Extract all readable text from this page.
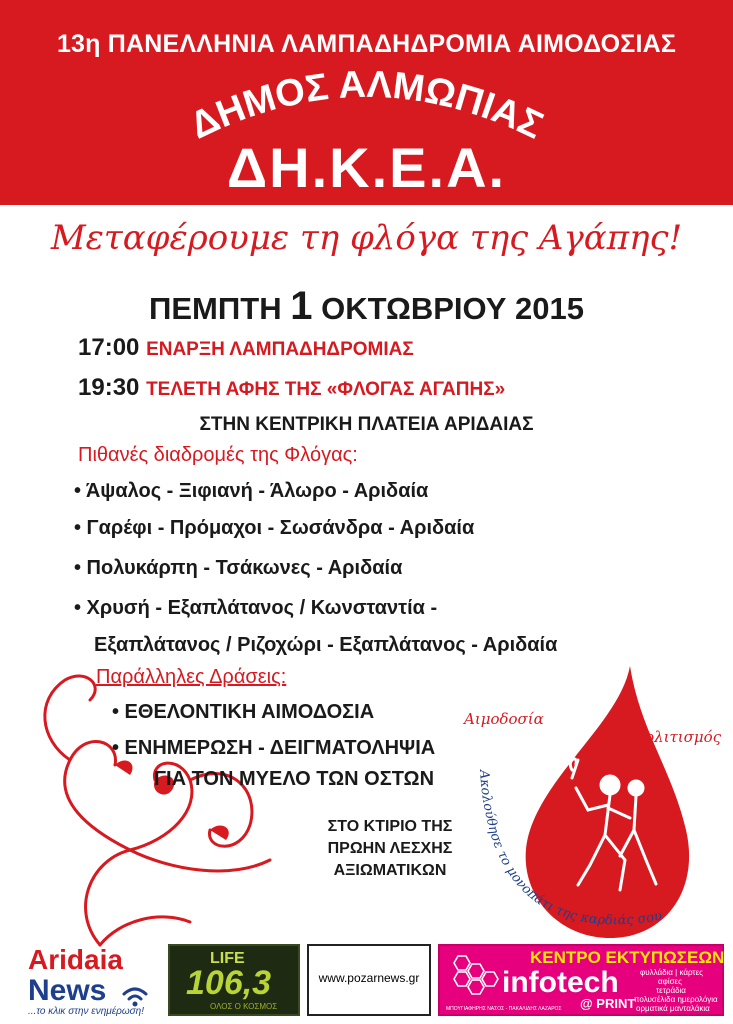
13η ΠΑΝΕΛΛΗΝΙΑ ΛΑΜΠΑΔΗΔΡΟΜΙΑ ΑΙΜΟΔΟΣΙΑΣ
ΔΗΜΟΣ ΑΛΜΩΠΙΑΣ
ΔΗ.Κ.Ε.Α.
Μεταφέρουμε τη φλόγα της Αγάπης!
ΠΕΜΠΤΗ 1 ΟΚΤΩΒΡΙΟΥ 2015
17:00 ΕΝΑΡΞΗ ΛΑΜΠΑΔΗΔΡΟΜΙΑΣ
19:30 ΤΕΛΕΤΗ ΑΦΗΣ ΤΗΣ «ΦΛΟΓΑΣ ΑΓΑΠΗΣ»
ΣΤΗΝ ΚΕΝΤΡΙΚΗ ΠΛΑΤΕΙΑ ΑΡΙΔΑΙΑΣ
Πιθανές διαδρομές της Φλόγας:
• Άψαλος - Ξιφιανή - Άλωρο - Αριδαία
• Γαρέφι - Πρόμαχοι - Σωσάνδρα - Αριδαία
• Πολυκάρπη - Τσάκωνες - Αριδαία
• Χρυσή - Εξαπλάτανος / Κωνσταντία -
Εξαπλάτανος / Ριζοχώρι - Εξαπλάτανος - Αριδαία
Παράλληλες Δράσεις:
• ΕΘΕΛΟΝΤΙΚΗ ΑΙΜΟΔΟΣΙΑ
• ΕΝΗΜΕΡΩΣΗ - ΔΕΙΓΜΑΤΟΛΗΨΙΑ
ΓΙΑ ΤΟΝ ΜΥΕΛΟ ΤΩΝ ΟΣΤΩΝ
ΣΤΟ ΚΤΙΡΙΟ ΤΗΣ
ΠΡΩΗΝ ΛΕΣΧΗΣ
ΑΞΙΩΜΑΤΙΚΩΝ
Αιμοδοσία
Πολιτισμός
Ακολούθησε το μονοπάτι της καρδιάς σου
Aridaia
News
...το κλικ στην ενημέρωση!
LIFE
106,3
ΟΛΟΣ Ο ΚΟΣΜΟΣ
www.pozarnews.gr
ΚΕΝΤΡΟ ΕΚΤΥΠΩΣΕΩΝ
infotech
@ PRINT
φυλλάδια | κάρτες
αφίσες
τετράδια
πολυσέλιδα ημερολόγια
ορματικά μανταλάκια
ΜΠΟΥΓΙΑΦΗΡΗΣ ΝΑΣΟΣ - ΠΑΚΑΛΙΔΗΣ ΛΑΖΑΡΟΣ
